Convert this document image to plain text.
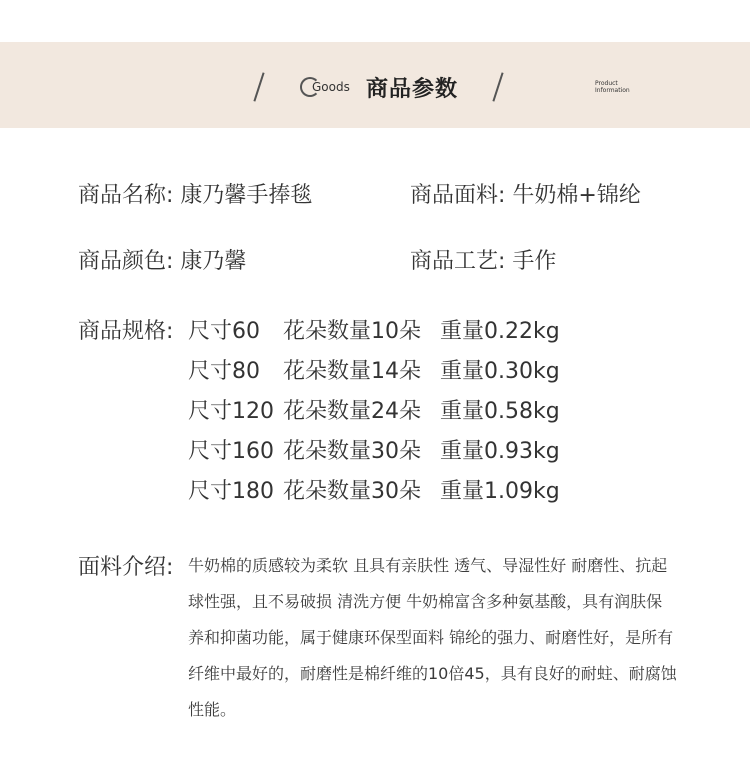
Goods 商品参数	Product
Information
商品名称: 康乃馨手捧毯	商品面料: 牛奶棉+锦纶
商品颜色: 康乃馨	商品工艺: 手作
商品规格: 尺寸60 花朵数量10朵 重量0.22kg
尺寸80 花朵数量14朵 重量0.30kg
尺寸120 花朵数量24朵 重量0.58kg
尺寸160 花朵数量30朵 重量0.93kg
尺寸180 花朵数量30朵 重量1.09kg
面料介绍: 牛奶棉的质感较为柔软 且具有亲肤性 透气、导湿性好 耐磨性、抗起球性强，且不易破损 清洗方便 牛奶棉富含多种氨基酸，具有润肤保养和抑菌功能，属于健康环保型面料 锦纶的强力、耐磨性好，是所有纤维中最好的，耐磨性是棉纤维的10倍45，具有良好的耐蛀、耐腐蚀性能。
